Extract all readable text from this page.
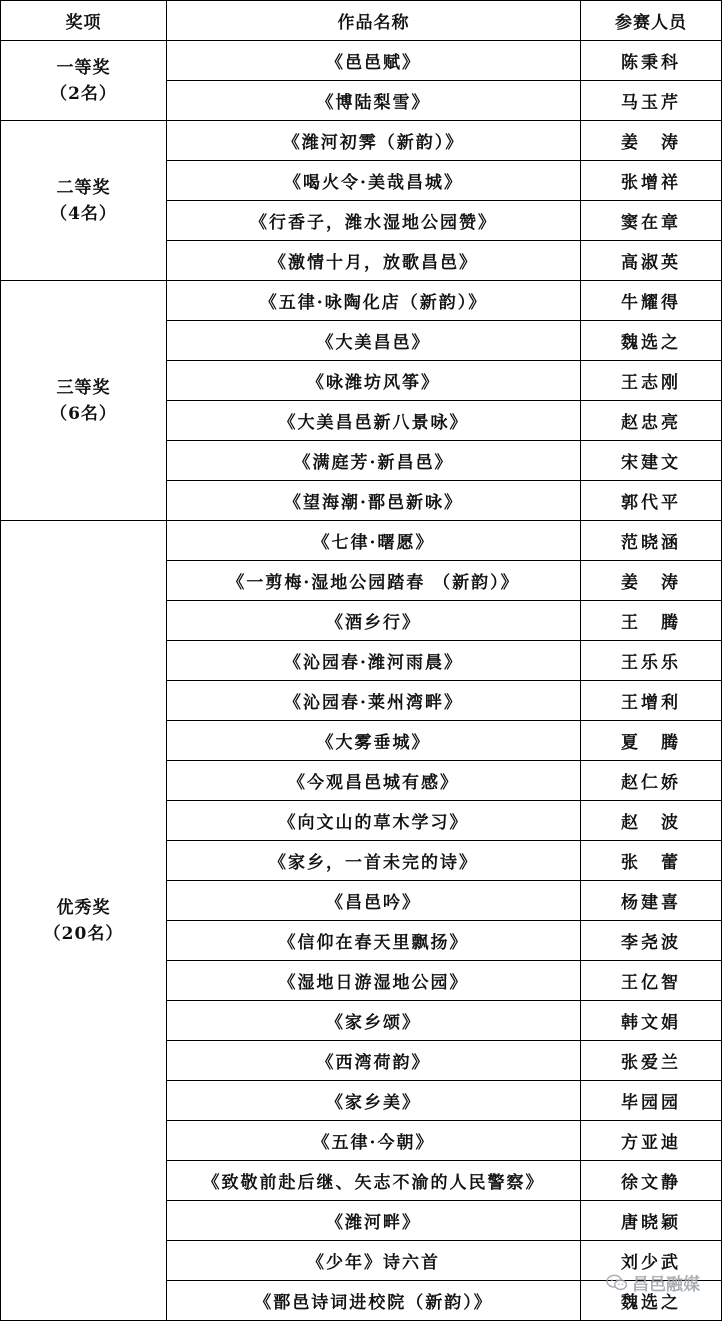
奖项	作品名称	参赛人员

一等奖
（2名）	《邑邑赋》	陈秉科
	《博陆梨雪》	马玉芹

二等奖
（4名）	《潍河初霁（新韵）》	姜　涛
	《喝火令·美哉昌城》	张增祥
	《行香子，潍水湿地公园赞》	窦在章
	《激情十月，放歌昌邑》	高淑英

三等奖
（6名）	《五律·咏陶化店（新韵）》	牛耀得
	《大美昌邑》	魏选之
	《咏潍坊风筝》	王志刚
	《大美昌邑新八景咏》	赵忠亮
	《满庭芳·新昌邑》	宋建文
	《望海潮·鄑邑新咏》	郭代平

优秀奖
（20名）	《七律·曙愿》	范晓涵
	《一剪梅·湿地公园踏春 （新韵）》	姜　涛
	《酒乡行》	王　腾
	《沁园春·潍河雨晨》	王乐乐
	《沁园春·莱州湾畔》	王增利
	《大雾垂城》	夏　腾
	《今观昌邑城有感》	赵仁娇
	《向文山的草木学习》	赵　波
	《家乡，一首未完的诗》	张　蕾
	《昌邑吟》	杨建喜
	《信仰在春天里飘扬》	李尧波
	《湿地日游湿地公园》	王亿智
	《家乡颂》	韩文娟
	《西湾荷韵》	张爱兰
	《家乡美》	毕园园
	《五律·今朝》	方亚迪
	《致敬前赴后继、矢志不渝的人民警察》	徐文静
	《潍河畔》	唐晓颖
	《少年》诗六首	刘少武
	《鄑邑诗词进校院（新韵）》	魏选之
昌邑融媒
